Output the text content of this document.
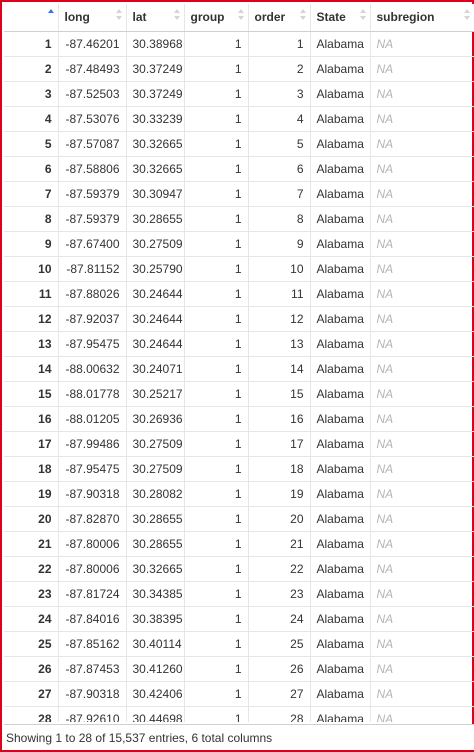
	long	lat	group	order	State	subregion

1	-87.46201	30.38968	1	1	Alabama	NA
2	-87.48493	30.37249	1	2	Alabama	NA
3	-87.52503	30.37249	1	3	Alabama	NA
4	-87.53076	30.33239	1	4	Alabama	NA
5	-87.57087	30.32665	1	5	Alabama	NA
6	-87.58806	30.32665	1	6	Alabama	NA
7	-87.59379	30.30947	1	7	Alabama	NA
8	-87.59379	30.28655	1	8	Alabama	NA
9	-87.67400	30.27509	1	9	Alabama	NA
10	-87.81152	30.25790	1	10	Alabama	NA
11	-87.88026	30.24644	1	11	Alabama	NA
12	-87.92037	30.24644	1	12	Alabama	NA
13	-87.95475	30.24644	1	13	Alabama	NA
14	-88.00632	30.24071	1	14	Alabama	NA
15	-88.01778	30.25217	1	15	Alabama	NA
16	-88.01205	30.26936	1	16	Alabama	NA
17	-87.99486	30.27509	1	17	Alabama	NA
18	-87.95475	30.27509	1	18	Alabama	NA
19	-87.90318	30.28082	1	19	Alabama	NA
20	-87.82870	30.28655	1	20	Alabama	NA
21	-87.80006	30.28655	1	21	Alabama	NA
22	-87.80006	30.32665	1	22	Alabama	NA
23	-87.81724	30.34385	1	23	Alabama	NA
24	-87.84016	30.38395	1	24	Alabama	NA
25	-87.85162	30.40114	1	25	Alabama	NA
26	-87.87453	30.41260	1	26	Alabama	NA
27	-87.90318	30.42406	1	27	Alabama	NA
28	-87.92610	30.44698	1	28	Alabama	NA
Showing 1 to 28 of 15,537 entries, 6 total columns
